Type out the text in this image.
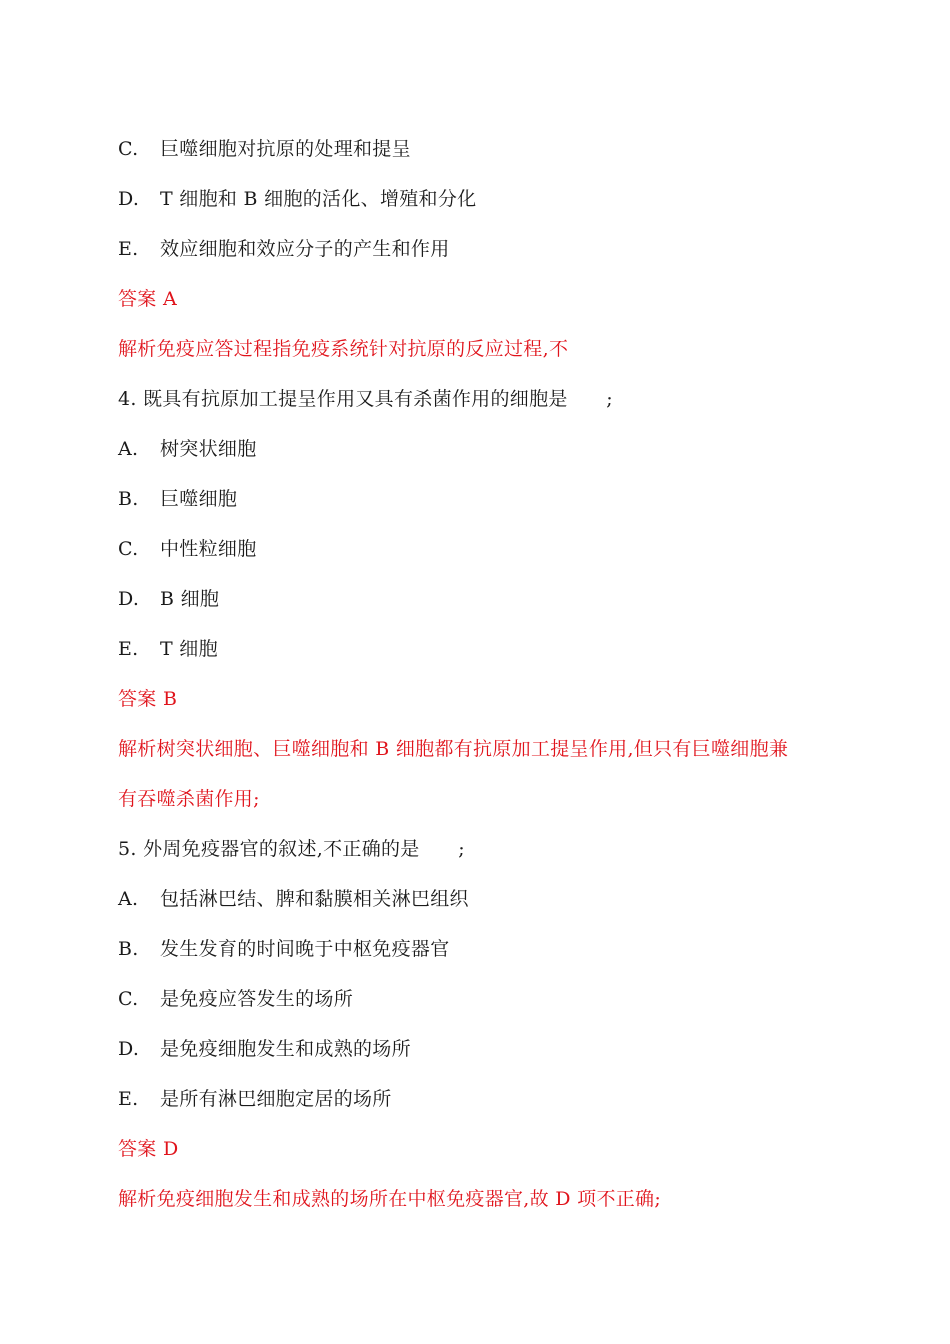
C. 巨噬细胞对抗原的处理和提呈
D. T 细胞和 B 细胞的活化、增殖和分化
E. 效应细胞和效应分子的产生和作用
答案 A
解析免疫应答过程指免疫系统针对抗原的反应过程,不
4. 既具有抗原加工提呈作用又具有杀菌作用的细胞是　　;
A. 树突状细胞
B. 巨噬细胞
C. 中性粒细胞
D. B 细胞
E. T 细胞
答案 B
解析树突状细胞、巨噬细胞和 B 细胞都有抗原加工提呈作用,但只有巨噬细胞兼
有吞噬杀菌作用;
5. 外周免疫器官的叙述,不正确的是　　;
A. 包括淋巴结、脾和黏膜相关淋巴组织
B. 发生发育的时间晚于中枢免疫器官
C. 是免疫应答发生的场所
D. 是免疫细胞发生和成熟的场所
E. 是所有淋巴细胞定居的场所
答案 D
解析免疫细胞发生和成熟的场所在中枢免疫器官,故 D 项不正确;
